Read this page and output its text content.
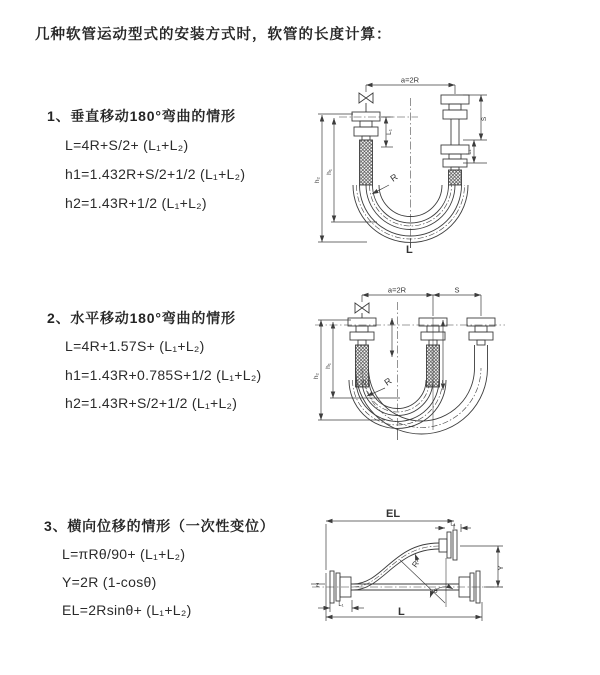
几种软管运动型式的安装方式时，软管的长度计算：
1、垂直移动180°弯曲的情形
L=4R+S/2+ (L₁+L₂)
h1=1.432R+S/2+1/2 (L₁+L₂)
h2=1.43R+1/2 (L₁+L₂)
2、水平移动180°弯曲的情形
L=4R+1.57S+ (L₁+L₂)
h1=1.43R+0.785S+1/2 (L₁+L₂)
h2=1.43R+S/2+1/2 (L₁+L₂)
3、横向位移的情形（一次性变位）
L=πRθ/90+ (L₁+L₂)
Y=2R (1-cosθ)
EL=2Rsinθ+ (L₁+L₂)
a=2R
L₁
h₂
h₁
S
L₁
R
L
a=2R	S
h₂
h₁
R
EL
L₁
Y
R
θ
L₁
L
z
